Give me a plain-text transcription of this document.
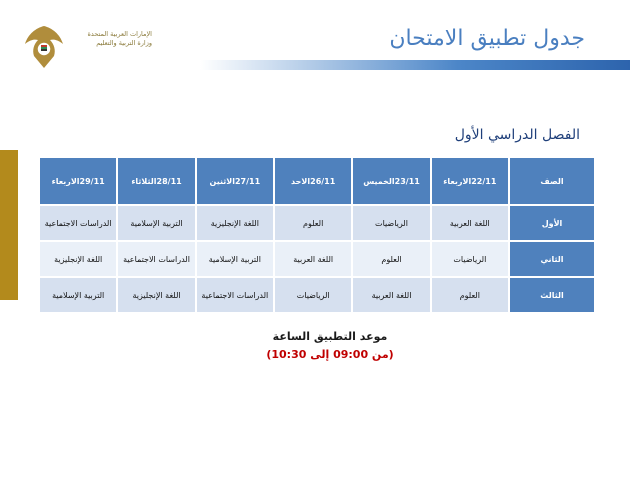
الإمارات العربية المتحدة
وزارة التربية والتعليم	جدول تطبيق الامتحان
الفصل الدراسي الأول
الصف	22/11الاربعاء	23/11الخميس	26/11الاحد	27/11الاثنين	28/11الثلاثاء	29/11الاربعاء
الأول	اللغة العربية	الرياضيات	العلوم	اللغة الإنجليزية	التربية الإسلامية	الدراسات الاجتماعية
الثاني	الرياضيات	العلوم	اللغة العربية	التربية الإسلامية	الدراسات الاجتماعية	اللغة الإنجليزية
الثالث	العلوم	اللغة العربية	الرياضيات	الدراسات الاجتماعية	اللغة الإنجليزية	التربية الإسلامية
موعد التطبيق الساعة
(من 09:00 إلى 10:30)
